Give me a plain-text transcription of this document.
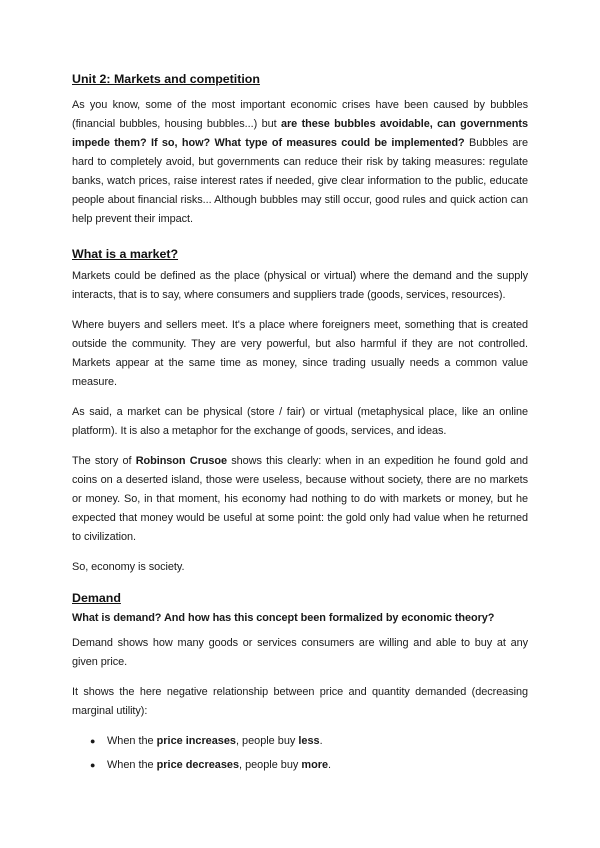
Unit 2: Markets and competition

As you know, some of the most important economic crises have been caused by bubbles (financial bubbles, housing bubbles...) but are these bubbles avoidable, can governments impede them? If so, how? What type of measures could be implemented? Bubbles are hard to completely avoid, but governments can reduce their risk by taking measures: regulate banks, watch prices, raise interest rates if needed, give clear information to the public, educate people about financial risks... Although bubbles may still occur, good rules and quick action can help prevent their impact.

What is a market?

Markets could be defined as the place (physical or virtual) where the demand and the supply interacts, that is to say, where consumers and suppliers trade (goods, services, resources).

Where buyers and sellers meet. It's a place where foreigners meet, something that is created outside the community. They are very powerful, but also harmful if they are not controlled. Markets appear at the same time as money, since trading usually needs a common value measure.

As said, a market can be physical (store / fair) or virtual (metaphysical place, like an online platform). It is also a metaphor for the exchange of goods, services, and ideas.

The story of Robinson Crusoe shows this clearly: when in an expedition he found gold and coins on a deserted island, those were useless, because without society, there are no markets or money. So, in that moment, his economy had nothing to do with markets or money, but he expected that money would be useful at some point: the gold only had value when he returned to civilization.

So, economy is society.

Demand

What is demand? And how has this concept been formalized by economic theory?

Demand shows how many goods or services consumers are willing and able to buy at any given price.

It shows the here negative relationship between price and quantity demanded (decreasing marginal utility):

● When the price increases, people buy less.
● When the price decreases, people buy more.
